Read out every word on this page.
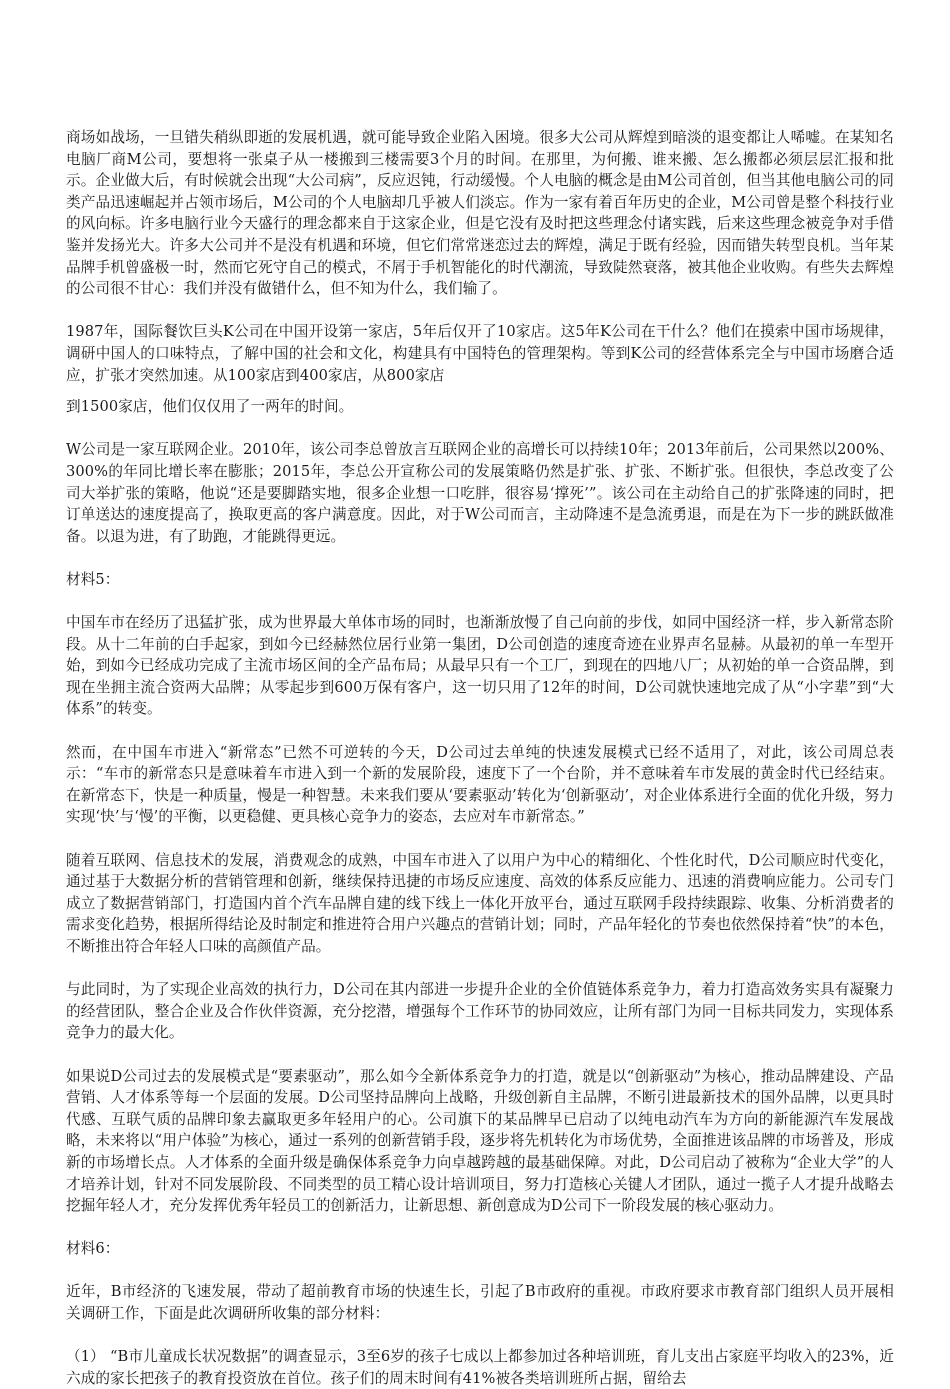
商场如战场，一旦错失稍纵即逝的发展机遇，就可能导致企业陷入困境。很多大公司从辉煌到暗淡的退变都让人唏嘘。在某知名电脑厂商M公司，要想将一张桌子从一楼搬到三楼需要3个月的时间。在那里，为何搬、谁来搬、怎么搬都必须层层汇报和批示。企业做大后，有时候就会出现“大公司病”，反应迟钝，行动缓慢。个人电脑的概念是由M公司首创，但当其他电脑公司的同类产品迅速崛起并占领市场后，M公司的个人电脑却几乎被人们淡忘。作为一家有着百年历史的企业，M公司曾是整个科技行业的风向标。许多电脑行业今天盛行的理念都来自于这家企业，但是它没有及时把这些理念付诸实践，后来这些理念被竞争对手借鉴并发扬光大。许多大公司并不是没有机遇和环境，但它们常常迷恋过去的辉煌，满足于既有经验，因而错失转型良机。当年某品牌手机曾盛极一时，然而它死守自己的模式，不屑于手机智能化的时代潮流，导致陡然衰落，被其他企业收购。有些失去辉煌的公司很不甘心：我们并没有做错什么，但不知为什么，我们输了。

1987年，国际餐饮巨头K公司在中国开设第一家店，5年后仅开了10家店。这5年K公司在干什么？他们在摸索中国市场规律，调研中国人的口味特点，了解中国的社会和文化，构建具有中国特色的管理架构。等到K公司的经营体系完全与中国市场磨合适应，扩张才突然加速。从100家店到400家店，从800家店

到1500家店，他们仅仅用了一两年的时间。

W公司是一家互联网企业。2010年，该公司李总曾放言互联网企业的高增长可以持续10年；2013年前后，公司果然以200%、300%的年同比增长率在膨胀；2015年，李总公开宣称公司的发展策略仍然是扩张、扩张、不断扩张。但很快，李总改变了公司大举扩张的策略，他说“还是要脚踏实地，很多企业想一口吃胖，很容易‘撑死’”。该公司在主动给自己的扩张降速的同时，把订单送达的速度提高了，换取更高的客户满意度。因此，对于W公司而言，主动降速不是急流勇退，而是在为下一步的跳跃做准备。以退为进，有了助跑，才能跳得更远。

材料5：

中国车市在经历了迅猛扩张，成为世界最大单体市场的同时，也渐渐放慢了自己向前的步伐，如同中国经济一样，步入新常态阶段。从十二年前的白手起家，到如今已经赫然位居行业第一集团，D公司创造的速度奇迹在业界声名显赫。从最初的单一车型开始，到如今已经成功完成了主流市场区间的全产品布局；从最早只有一个工厂，到现在的四地八厂；从初始的单一合资品牌，到现在坐拥主流合资两大品牌；从零起步到600万保有客户，这一切只用了12年的时间，D公司就快速地完成了从“小字辈”到“大体系”的转变。

然而，在中国车市进入“新常态”已然不可逆转的今天，D公司过去单纯的快速发展模式已经不适用了，对此，该公司周总表示：“车市的新常态只是意味着车市进入到一个新的发展阶段，速度下了一个台阶，并不意味着车市发展的黄金时代已经结束。在新常态下，快是一种质量，慢是一种智慧。未来我们要从‘要素驱动’转化为‘创新驱动’，对企业体系进行全面的优化升级，努力实现‘快’与‘慢’的平衡，以更稳健、更具核心竞争力的姿态，去应对车市新常态。”

随着互联网、信息技术的发展，消费观念的成熟，中国车市进入了以用户为中心的精细化、个性化时代，D公司顺应时代变化，通过基于大数据分析的营销管理和创新，继续保持迅捷的市场反应速度、高效的体系反应能力、迅速的消费响应能力。公司专门成立了数据营销部门，打造国内首个汽车品牌自建的线下线上一体化开放平台，通过互联网手段持续跟踪、收集、分析消费者的需求变化趋势，根据所得结论及时制定和推进符合用户兴趣点的营销计划；同时，产品年轻化的节奏也依然保持着“快”的本色，不断推出符合年轻人口味的高颜值产品。

与此同时，为了实现企业高效的执行力，D公司在其内部进一步提升企业的全价值链体系竞争力，着力打造高效务实具有凝聚力的经营团队，整合企业及合作伙伴资源，充分挖潜，增强每个工作环节的协同效应，让所有部门为同一目标共同发力，实现体系竞争力的最大化。

如果说D公司过去的发展模式是“要素驱动”，那么如今全新体系竞争力的打造，就是以“创新驱动”为核心，推动品牌建设、产品营销、人才体系等每一个层面的发展。D公司坚持品牌向上战略，升级创新自主品牌，不断引进最新技术的国外品牌，以更具时代感、互联气质的品牌印象去赢取更多年轻用户的心。公司旗下的某品牌早已启动了以纯电动汽车为方向的新能源汽车发展战略，未来将以“用户体验”为核心，通过一系列的创新营销手段，逐步将先机转化为市场优势，全面推进该品牌的市场普及，形成新的市场增长点。人才体系的全面升级是确保体系竞争力向卓越跨越的最基础保障。对此，D公司启动了被称为“企业大学”的人才培养计划，针对不同发展阶段、不同类型的员工精心设计培训项目，努力打造核心关键人才团队，通过一揽子人才提升战略去挖掘年轻人才，充分发挥优秀年轻员工的创新活力，让新思想、新创意成为D公司下一阶段发展的核心驱动力。

材料6：

近年，B市经济的飞速发展，带动了超前教育市场的快速生长，引起了B市政府的重视。市政府要求市教育部门组织人员开展相关调研工作，下面是此次调研所收集的部分材料：

（1） “B市儿童成长状况数据”的调查显示，3至6岁的孩子七成以上都参加过各种培训班，育儿支出占家庭平均收入的23%，近六成的家长把孩子的教育投资放在首位。孩子们的周末时间有41%被各类培训班所占据，留给去
